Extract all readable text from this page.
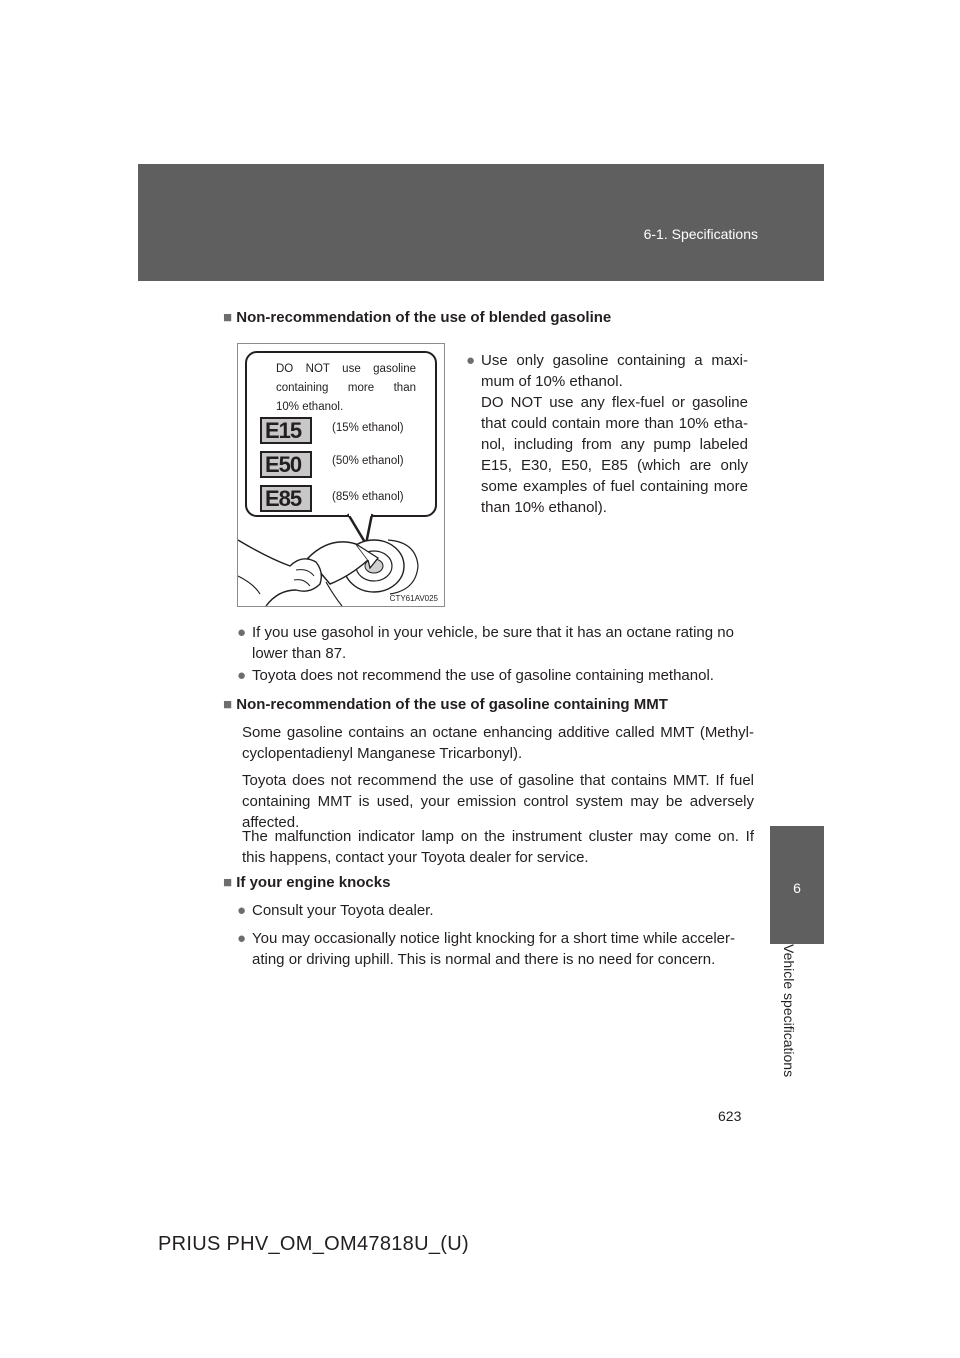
6-1. Specifications
6
Vehicle specifications
■ Non-recommendation of the use of blended gasoline
DO NOT use gasoline
containing more than
10% ethanol.
E15	(15% ethanol)
E50	(50% ethanol)
E85	(85% ethanol)
CTY61AV025
● Use only gasoline containing a maxi-
mum of 10% ethanol.
DO NOT use any flex-fuel or gasoline
that could contain more than 10% etha-
nol, including from any pump labeled
E15, E30, E50, E85 (which are only
some examples of fuel containing more
than 10% ethanol).
● If you use gasohol in your vehicle, be sure that it has an octane rating no
lower than 87.
● Toyota does not recommend the use of gasoline containing methanol.
■ Non-recommendation of the use of gasoline containing MMT
Some gasoline contains an octane enhancing additive called MMT (Methyl-
cyclopentadienyl Manganese Tricarbonyl).
Toyota does not recommend the use of gasoline that contains MMT. If fuel
containing MMT is used, your emission control system may be adversely
affected.
The malfunction indicator lamp on the instrument cluster may come on. If
this happens, contact your Toyota dealer for service.
■ If your engine knocks
● Consult your Toyota dealer.
● You may occasionally notice light knocking for a short time while acceler-
ating or driving uphill. This is normal and there is no need for concern.
623
PRIUS PHV_OM_OM47818U_(U)
